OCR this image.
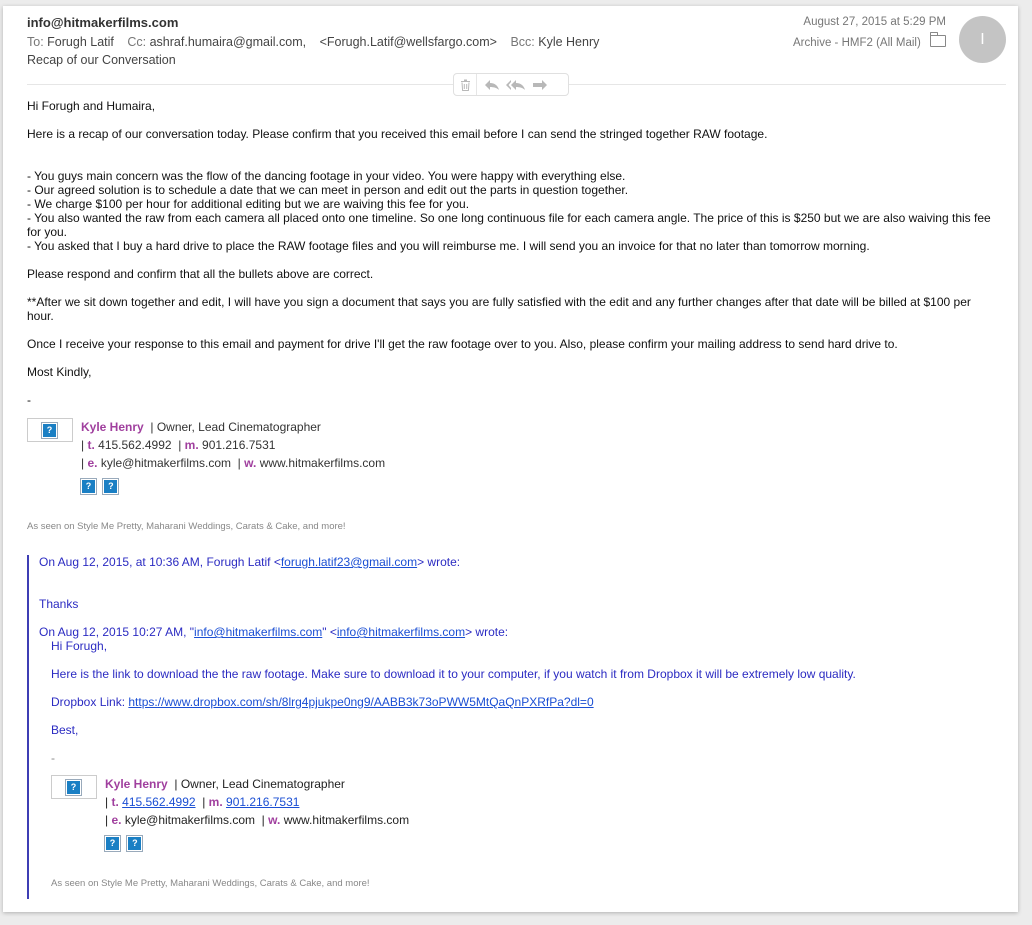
info@hitmakerfilms.com
To: Forugh Latif Cc: ashraf.humaira@gmail.com, <Forugh.Latif@wellsfargo.com> Bcc: Kyle Henry
Recap of our Conversation
August 27, 2015 at 5:29 PM
Archive - HMF2 (All Mail)	I

Hi Forugh and Humaira,

Here is a recap of our conversation today. Please confirm that you received this email before I can send the stringed together RAW footage.

- You guys main concern was the flow of the dancing footage in your video. You were happy with everything else.

- Our agreed solution is to schedule a date that we can meet in person and edit out the parts in question together.

- We charge $100 per hour for additional editing but we are waiving this fee for you.

- You also wanted the raw from each camera all placed onto one timeline. So one long continuous file for each camera angle. The price of this is $250 but we are also waiving this fee for you.

- You asked that I buy a hard drive to place the RAW footage files and you will reimburse me. I will send you an invoice for that no later than tomorrow morning.

Please respond and confirm that all the bullets above are correct.

**After we sit down together and edit, I will have you sign a document that says you are fully satisfied with the edit and any further changes after that date will be billed at $100 per hour.

Once I receive your response to this email and payment for drive I'll get the raw footage over to you. Also, please confirm your mailing address to send hard drive to.

Most Kindly,

-

?	Kyle Henry | Owner, Lead Cinematographer
| t. 415.562.4992  | m. 901.216.7531
| e. kyle@hitmakerfilms.com  | w. www.hitmakerfilms.com
? ?
As seen on Style Me Pretty, Maharani Weddings, Carats & Cake, and more!

On Aug 12, 2015, at 10:36 AM, Forugh Latif <forugh.latif23@gmail.com> wrote:

Thanks

On Aug 12, 2015 10:27 AM, "info@hitmakerfilms.com" <info@hitmakerfilms.com> wrote:

Hi Forugh,

Here is the link to download the the raw footage. Make sure to download it to your computer, if you watch it from Dropbox it will be extremely low quality.

Dropbox Link: https://www.dropbox.com/sh/8lrg4pjukpe0ng9/AABB3k73oPWW5MtQaQnPXRfPa?dl=0

Best,

-

?	Kyle Henry | Owner, Lead Cinematographer
| t. 415.562.4992  | m. 901.216.7531
| e. kyle@hitmakerfilms.com  | w. www.hitmakerfilms.com
? ?
As seen on Style Me Pretty, Maharani Weddings, Carats & Cake, and more!
